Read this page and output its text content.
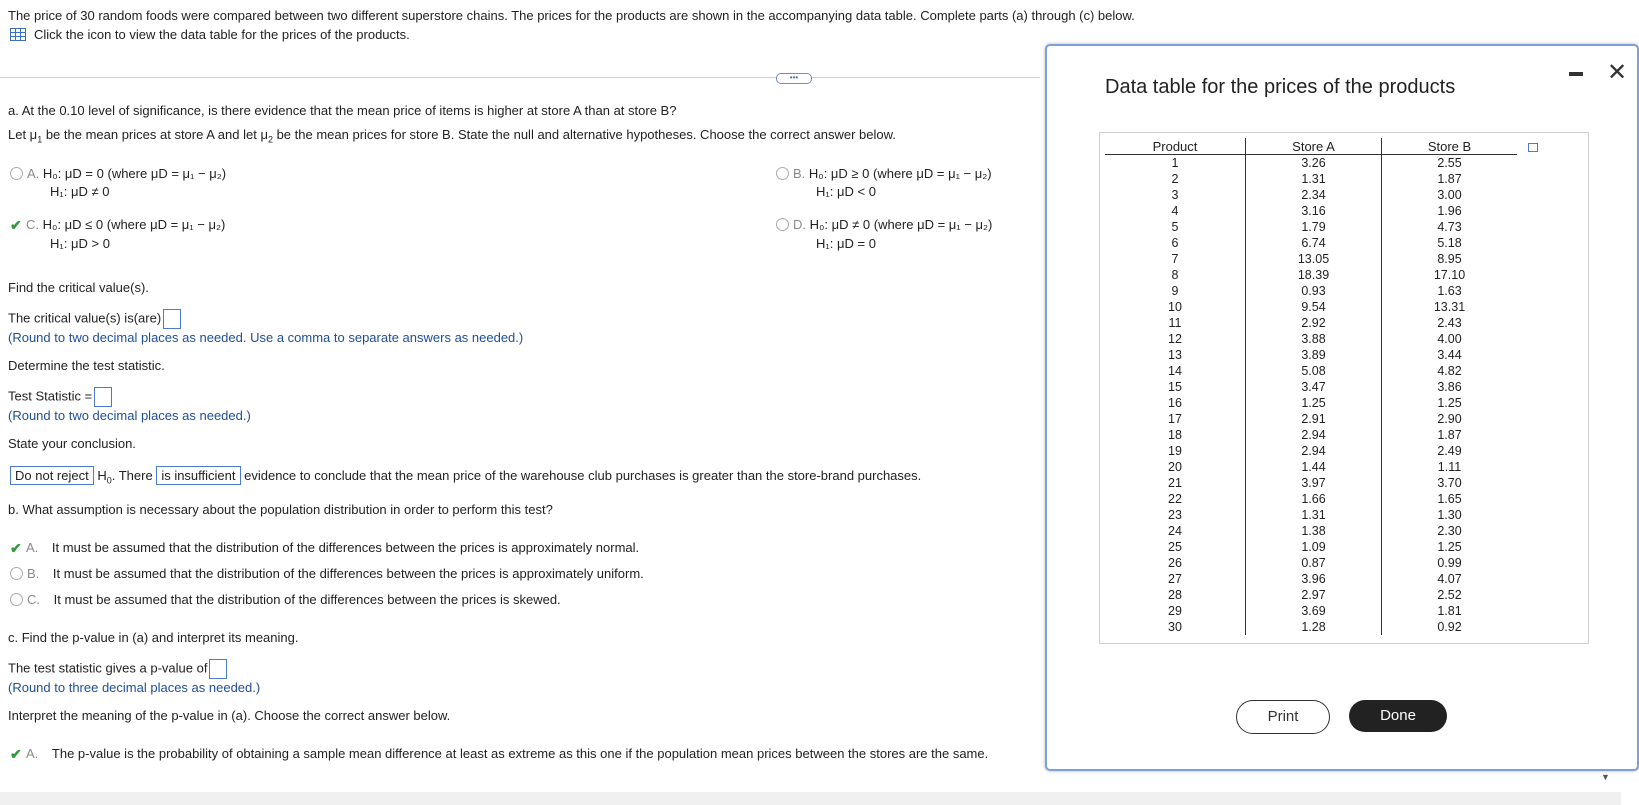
The price of 30 random foods were compared between two different superstore chains. The prices for the products are shown in the accompanying data table. Complete parts (a) through (c) below.
Click the icon to view the data table for the prices of the products.
•••
a. At the 0.10 level of significance, is there evidence that the mean price of items is higher at store A than at store B?
Let $\mu_1$ be the mean prices at store A and let $\mu_2$ be the mean prices for store B. State the null and alternative hypotheses. Choose the correct answer below.
A. H₀: μD = 0 (where μD = μ₁ − μ₂)
H₁: μD ≠ 0
B. H₀: μD ≥ 0 (where μD = μ₁ − μ₂)
H₁: μD < 0
✔ C. H₀: μD ≤ 0 (where μD = μ₁ − μ₂)
H₁: μD > 0
D. H₀: μD ≠ 0 (where μD = μ₁ − μ₂)
H₁: μD = 0
Find the critical value(s).
The critical value(s) is(are)
(Round to two decimal places as needed. Use a comma to separate answers as needed.)
Determine the test statistic.
Test Statistic =
(Round to two decimal places as needed.)
State your conclusion.
Do not reject $H_0$. There is insufficient evidence to conclude that the mean price of the warehouse club purchases is greater than the store-brand purchases.
b. What assumption is necessary about the population distribution in order to perform this test?
✔ A. It must be assumed that the distribution of the differences between the prices is approximately normal.
B. It must be assumed that the distribution of the differences between the prices is approximately uniform.
C. It must be assumed that the distribution of the differences between the prices is skewed.
c. Find the p-value in (a) and interpret its meaning.
The test statistic gives a p-value of
(Round to three decimal places as needed.)
Interpret the meaning of the p-value in (a). Choose the correct answer below.
✔ A. The p-value is the probability of obtaining a sample mean difference at least as extreme as this one if the population mean prices between the stores are the same.
▼
Data table for the prices of the products
✕
Product	Store A	Store B
1	3.26	2.55
2	1.31	1.87
3	2.34	3.00
4	3.16	1.96
5	1.79	4.73
6	6.74	5.18
7	13.05	8.95
8	18.39	17.10
9	0.93	1.63
10	9.54	13.31
11	2.92	2.43
12	3.88	4.00
13	3.89	3.44
14	5.08	4.82
15	3.47	3.86
16	1.25	1.25
17	2.91	2.90
18	2.94	1.87
19	2.94	2.49
20	1.44	1.11
21	3.97	3.70
22	1.66	1.65
23	1.31	1.30
24	1.38	2.30
25	1.09	1.25
26	0.87	0.99
27	3.96	4.07
28	2.97	2.52
29	3.69	1.81
30	1.28	0.92
Print	Done
